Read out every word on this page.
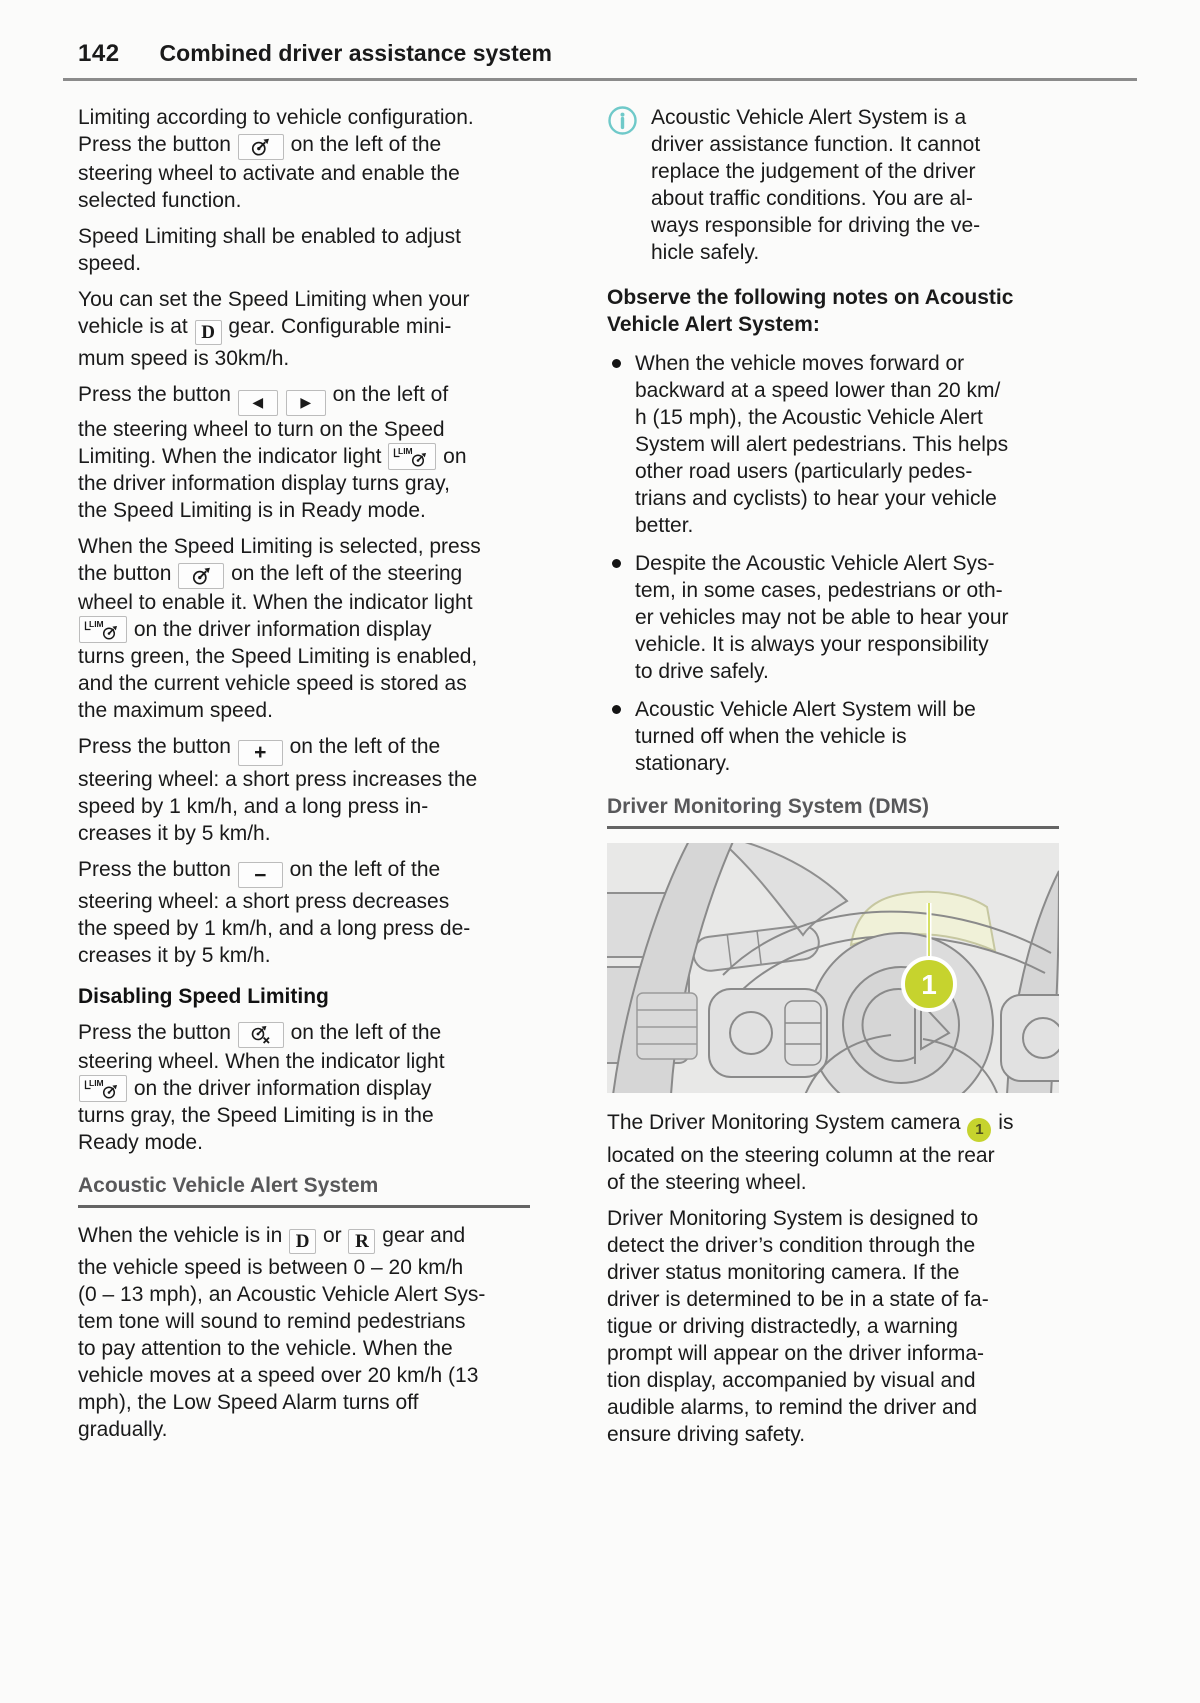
142 Combined driver assistance system

Limiting according to vehicle configuration.
Press the button
on the left of the
steering wheel to activate and enable the
selected function.

Speed Limiting shall be enabled to adjust
speed.

You can set the Speed Limiting when your
vehicle is at D gear. Configurable mini-
mum speed is 30km/h.

Press the button ◀	▶ on the left of
the steering wheel to turn on the Speed
Limiting. When the indicator light LIM on
the driver information display turns gray,
the Speed Limiting is in Ready mode.

When the Speed Limiting is selected, press
the button
on the left of the steering
wheel to enable it. When the indicator light

LIM on the driver information display
turns green, the Speed Limiting is enabled,
and the current vehicle speed is stored as
the maximum speed.

Press the button + on the left of the
steering wheel: a short press increases the
speed by 1 km/h, and a long press in-
creases it by 5 km/h.

Press the button − on the left of the
steering wheel: a short press decreases
the speed by 1 km/h, and a long press de-
creases it by 5 km/h.

Disabling Speed Limiting

Press the button
on the left of the
steering wheel. When the indicator light

LIM on the driver information display
turns gray, the Speed Limiting is in the
Ready mode.

Acoustic Vehicle Alert System

When the vehicle is in D or R gear and
the vehicle speed is between 0 – 20 km/h
(0 – 13 mph), an Acoustic Vehicle Alert Sys-
tem tone will sound to remind pedestrians
to pay attention to the vehicle. When the
vehicle moves at a speed over 20 km/h (13
mph), the Low Speed Alarm turns off
gradually.

Acoustic Vehicle Alert System is a
driver assistance function. It cannot
replace the judgement of the driver
about traffic conditions. You are al-
ways responsible for driving the ve-
hicle safely.

Observe the following notes on Acoustic
Vehicle Alert System:

When the vehicle moves forward or
backward at a speed lower than 20 km/
h (15 mph), the Acoustic Vehicle Alert
System will alert pedestrians. This helps
other road users (particularly pedes-
trians and cyclists) to hear your vehicle
better.
Despite the Acoustic Vehicle Alert Sys-
tem, in some cases, pedestrians or oth-
er vehicles may not be able to hear your
vehicle. It is always your responsibility
to drive safely.
Acoustic Vehicle Alert System will be
turned off when the vehicle is
stationary.
Driver Monitoring System (DMS)
1

The Driver Monitoring System camera 1 is
located on the steering column at the rear
of the steering wheel.

Driver Monitoring System is designed to
detect the driver’s condition through the
driver status monitoring camera. If the
driver is determined to be in a state of fa-
tigue or driving distractedly, a warning
prompt will appear on the driver informa-
tion display, accompanied by visual and
audible alarms, to remind the driver and
ensure driving safety.
